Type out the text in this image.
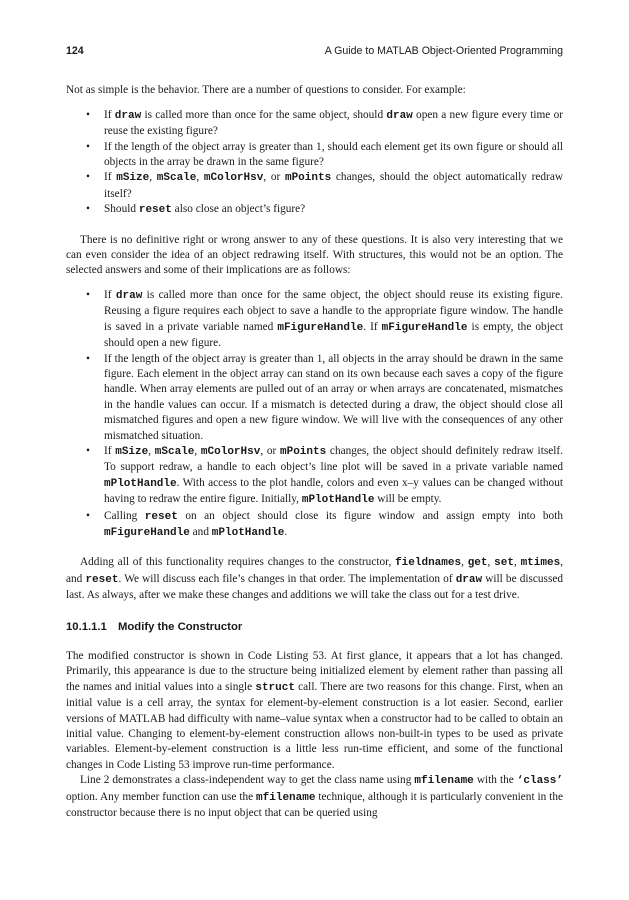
124	A Guide to MATLAB Object-Oriented Programming

Not as simple is the behavior. There are a number of questions to consider. For example:

• If draw is called more than once for the same object, should draw open a new figure every time or reuse the existing figure?
• If the length of the object array is greater than 1, should each element get its own figure or should all objects in the array be drawn in the same figure?
• If mSize, mScale, mColorHsv, or mPoints changes, should the object automatically redraw itself?
• Should reset also close an object’s figure?

There is no definitive right or wrong answer to any of these questions. It is also very interesting that we can even consider the idea of an object redrawing itself. With structures, this would not be an option. The selected answers and some of their implications are as follows:

• If draw is called more than once for the same object, the object should reuse its existing figure. Reusing a figure requires each object to save a handle to the appropriate figure window. The handle is saved in a private variable named mFigureHandle. If mFigureHandle is empty, the object should open a new figure.
• If the length of the object array is greater than 1, all objects in the array should be drawn in the same figure. Each element in the object array can stand on its own because each saves a copy of the figure handle. When array elements are pulled out of an array or when arrays are concatenated, mismatches in the handle values can occur. If a mismatch is detected during a draw, the object should close all mismatched figures and open a new figure window. We will live with the consequences of any other mismatched situation.
• If mSize, mScale, mColorHsv, or mPoints changes, the object should definitely redraw itself. To support redraw, a handle to each object’s line plot will be saved in a private variable named mPlotHandle. With access to the plot handle, colors and even x–y values can be changed without having to redraw the entire figure. Initially, mPlotHandle will be empty.
• Calling reset on an object should close its figure window and assign empty into both mFigureHandle and mPlotHandle.

Adding all of this functionality requires changes to the constructor, fieldnames, get, set, mtimes, and reset. We will discuss each file’s changes in that order. The implementation of draw will be discussed last. As always, after we make these changes and additions we will take the class out for a test drive.

10.1.1.1 Modify the Constructor

The modified constructor is shown in Code Listing 53. At first glance, it appears that a lot has changed. Primarily, this appearance is due to the structure being initialized element by element rather than passing all the names and initial values into a single struct call. There are two reasons for this change. First, when an initial value is a cell array, the syntax for element-by-element construction is a lot easier. Second, earlier versions of MATLAB had difficulty with name–value syntax when a constructor had to be called to obtain an initial value. Changing to element-by-element construction allows non-built-in types to be used as private variables. Element-by-element construction is a little less run-time efficient, and some of the functional changes in Code Listing 53 improve run-time performance.

Line 2 demonstrates a class-independent way to get the class name using mfilename with the ‘class’ option. Any member function can use the mfilename technique, although it is particularly convenient in the constructor because there is no input object that can be queried using
